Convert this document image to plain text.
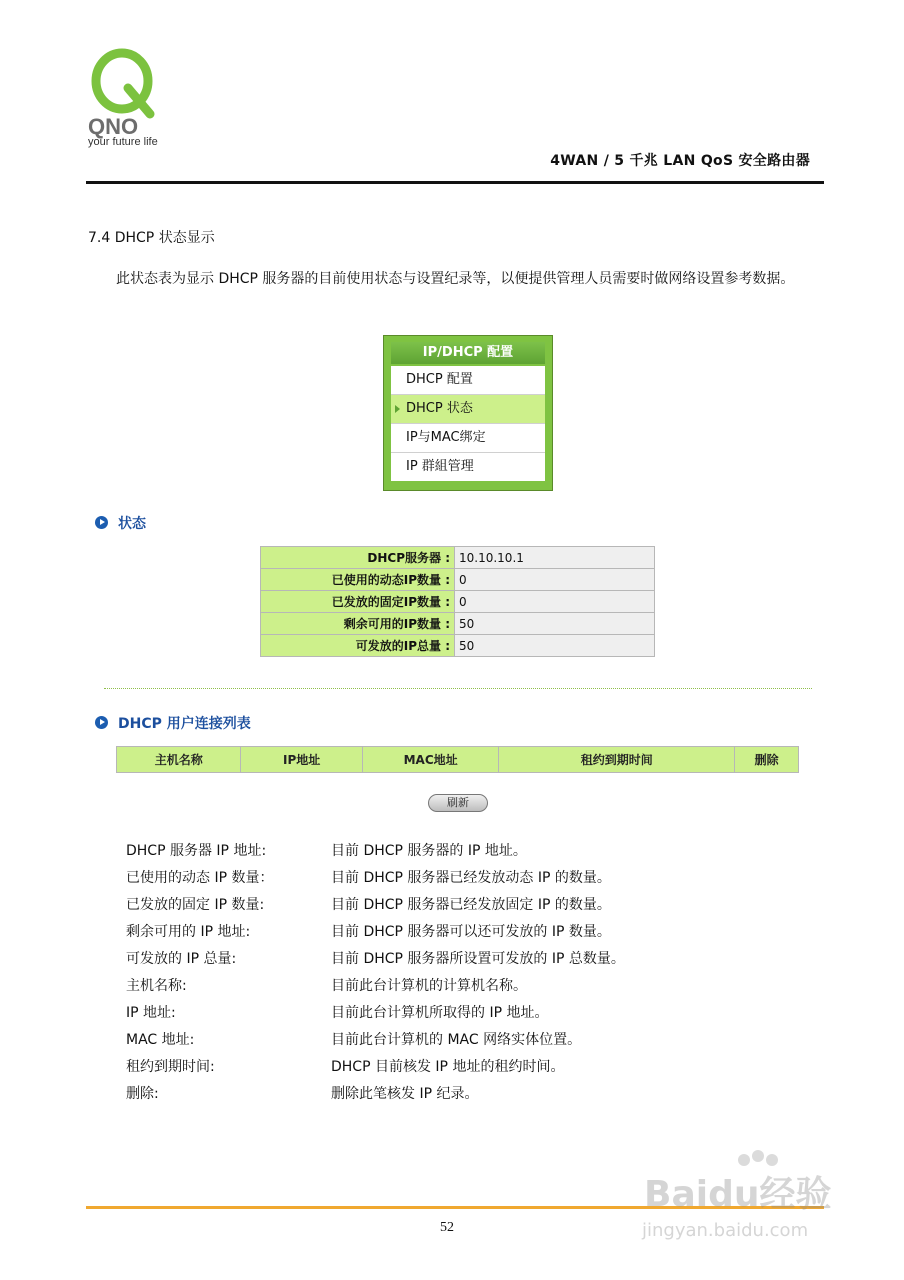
QNO
your future life
4WAN / 5 千兆 LAN QoS 安全路由器
7.4 DHCP 状态显示
此状态表为显示 DHCP 服务器的目前使用状态与设置纪录等，以便提供管理人员需要时做网络设置参考数据。
IP/DHCP 配置
DHCP 配置
DHCP 状态
IP与MAC绑定
IP 群組管理
状态
DHCP服务器 :	10.10.10.1
已使用的动态IP数量 :	0
已发放的固定IP数量 :	0
剩余可用的IP数量 :	50
可发放的IP总量 :	50
DHCP 用户连接列表
主机名称	IP地址	MAC地址	租约到期时间	删除
刷新
DHCP 服务器 IP 地址:	目前 DHCP 服务器的 IP 地址。
已使用的动态 IP 数量：	目前 DHCP 服务器已经发放动态 IP 的数量。
已发放的固定 IP 数量:	目前 DHCP 服务器已经发放固定 IP 的数量。
剩余可用的 IP 地址:	目前 DHCP 服务器可以还可发放的 IP 数量。
可发放的 IP 总量:	目前 DHCP 服务器所设置可发放的 IP 总数量。
主机名称:	目前此台计算机的计算机名称。
IP 地址:	目前此台计算机所取得的 IP 地址。
MAC 地址:	目前此台计算机的 MAC 网络实体位置。
租约到期时间:	DHCP 目前核发 IP 地址的租约时间。
删除:	删除此笔核发 IP 纪录。
52
Baidu经验
jingyan.baidu.com
